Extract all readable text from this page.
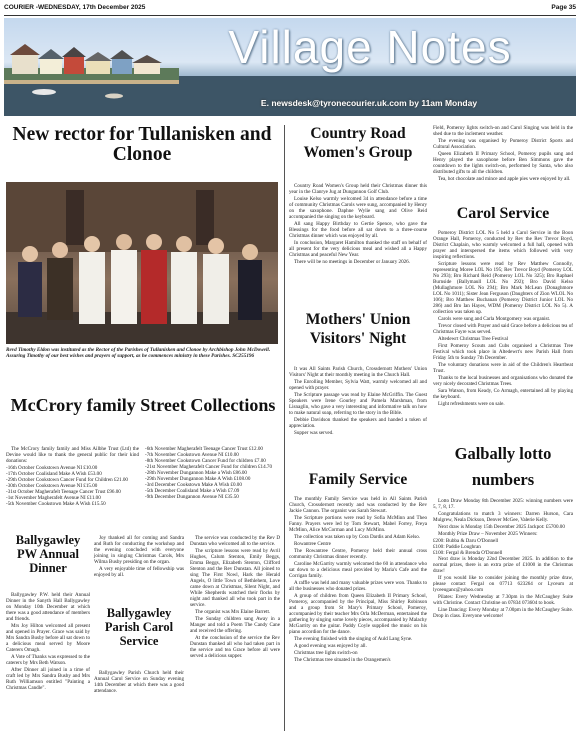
COURIER -WEDNESDAY, 17th December 2025	Page 35
Village Notes
E. newsdesk@tyronecourier.uk.com by 11am Monday
New rector for Tullanisken and Clonoe
Revd Timothy Eldon was instituted as the Rector of the Parishes of Tullanisken and Clonoe by Archbishop John McDowell. Assuring Timothy of our best wishes and prayers of support, as he commences ministry in these Parishes. SC255196
McCrory family Street Collections

The McCrory family family and Miss Ailbhe Trust (Ltd) the Devine would like to thank the general public for their kind donations:

-16th October Cookstown Avenue NI £10.00
-17th October Coalisland Make A Wish £53.00
-29th October Cookstown Cancer Fund for Children £21.00
-30th October Cookstown Avenue NI £15.00
-31st October Magherafelt Teenage Cancer Trust £96.00
-1st November Magherafelt Avenue NI £11.00
-5th November Cookstown Make A Wish £15.50
-6th November Magherafelt Teenage Cancer Trust £12.00
-7th November Cookstown Avenue NI £10.00
-8th November Cookstown Cancer Fund for children £7.00
-21st November Magherafelt Cancer Fund for children £14.70
-28th November Dungannon Make a Wish £86.00
-29th November Dungannon Make A Wish £108.00
-3rd December Cookstown Make A Wish £0.00
-5th December Coalisland Make a Wish £7.09
-9th December Dungannon Avenue NI £35.50
Ballygawley PW Annual Dinner

Ballygawley P.W. held their Annual Dinner in the Sanyth Hall Ballygawley on Monday 10th December at which there was a good attendance of members and friends.

Mrs Joy Hilton welcomed all present and opened in Prayer. Grace was said by Mrs Sandra Busby before all sat down to a delicious meal served by Moore Caterers Omagh.

A Vote of Thanks was expressed to the caterers by Mrs Beth Watson.

After Dinner all joined in a time of craft led by Mrs Sandra Busby and Mrs Ruth Williamson entitled "Painting a Christmas Candle".

Joy thanked all for coming and Sandra and Ruth for conducting the workshop and the evening concluded with everyone joining in singing Christmas Carols, Mrs Wilma Busby presiding on the organ.

A very enjoyable time of fellowship was enjoyed by all.

Ballygawley Parish Carol Service

Ballygawley Parish Church held their Annual Carol Service on Sunday evening 14th December at which there was a good attendance.

The service was conducted by the Rev D Dunstan who welcomed all to the service.

The scripture lessons were read by Avril Hughes, Calum Stenton, Emily Beggs, Emma Beggs, Elizabeth Stenton, Clifford Stenton and the Rev Dunstan. All joined to sing The First Nowl, Hark the Herald Angels, O little Town of Bethlehem, Love came down at Christmas, Silent Night, and While Shepherds watched their flocks by night and thanked all who took part in the service.

The organist was Mrs Elaine Barrett.

The Sunday children sang Away in a Manger and told a Poem The Candy Cane and received the offering.

At the conclusion of the service the Rev Dunstan thanked all who had taken part in the service and tea Grace before all were served a delicious supper.

Country Road Women's Group

Country Road Women's Group held their Christmas dinner this year in the Clanrye Jug at Dungannon Golf Club.

Louise Kelso warmly welcomed 34 in attendance before a time of community Christmas Carols were sung, accompanied by Henry on the saxophone. Daphne Wylie sang and Olive Reid accompanied the singing on the keyboard.

All sang Happy Birthday to Gertie Spence, who gave the Blessings for the food before all sat down to a three-course Christmas dinner which was enjoyed by all.

In conclusion, Margaret Hamilton thanked the staff on behalf of all present for the very delicious meal and wished all a Happy Christmas and peaceful New Year.

There will be no meetings in December or January 2026.

Mothers' Union Visitors' Night

It was All Saints Parish Church, Crossdernott Mothers' Union Visitors' Night at their monthly meeting in the Church Hall.

The Enrolling Member, Sylvia Watt, warmly welcomed all and opened with prayer.

The Scripture passage was read by Elaine McGriffin. The Guest Speakers were Irene Gourley and Pamela Marshman, from Lisnaglin, who gave a very interesting and informative talk on how to make natural soap, referring to the story in the Bible.

Debbie Davidson thanked the speakers and handed a token of appreciation.

Supper was served.

Family Service

The monthly Family Service was held in All Saints Parish Church, Crossdernott recently and was conducted by the Rev Jackie Cannon. The organist was Sarah Stewart.

The Scripture portions were read by Sofia McMinn and Theo Fanny. Prayers were led by Tom Stewart, Mabel Forrey, Freya McMinn, Alice McCorman and Lucy McMinn.

The collection was taken up by Cora Dardis and Adam Kelso.

Rowantree Centre

The Rowantree Centre, Pomeroy held their annual cross community Christmas dinner recently.

Caroline McGarrity warmly welcomed the 60 in attendance who sat down to a delicious meal provided by Maria's Cafe and the Corrigan family.

A raffle was held and many valuable prizes were won. Thanks to all the businesses who donated prizes.

A group of children from Queen Elizabeth II Primary School, Pomeroy, accompanied by the Principal, Miss Shirley Robinson and a group from St Mary's Primary School, Pomeroy, accompanied by their teacher Mrs Orla McDerman, entertained the gathering by singing some lovely pieces, accompanied by Malachy McGarrity on the guitar. Paddy Coyle supplied the music on his piano accordion for the dance.

The evening finished with the singing of Auld Lang Syne.

A good evening was enjoyed by all.

Christmas tree lights switch-on

The Christmas tree situated in the Orangemen's

Field, Pomeroy lights switch-on and Carol Singing was held in the shed due to the inclement weather.

The evening was organised by Pomeroy District Sports and Cultural Association.

Queen Elizabeth II Primary School, Pomeroy pupils sang and Henry played the saxophone before Ben Simmons gave the countdown to the lights switch-on, performed by Santa, who also distributed gifts to all the children.

Tea, hot chocolate and mince and apple pies were enjoyed by all.

Carol Service

Pomeroy District LOL No 5 held a Carol Service in the Boon Orange Hall, Pomeroy, conducted by Rev the Rev Trevor Boyd, District Chaplain, who warmly welcomed a full hall, opened with prayer and interspersed the items which followed with very inspiring reflections.

Scripture lessons were read by Rev Matthew Connolly, representing Moree LOL No 195; Rev Trevor Boyd (Pomeroy LOL No 293); Bro Richard Reid (Pomeroy LOL No 325); Bro Raphael Burnside (Ballymaull LOL No 292); Bro David Kelso (Mullaghmore LOL No 294); Bro Mark McLean (Donaghmore LOL No 1011); Sister Jean Ferguson (Daughters of Zion WLOL No 106); Bro Matthew Buchanan (Pomeroy District Junior LOL No 286) and Bro Ian Hayes, WDM (Pomeroy District LOL No 5). A collection was taken up.

Carols were sung and Carla Montgomery was organist.

Trevor closed with Prayer and said Grace before a delicious tea of Christmas Fayre was served.

Altedewrt Christmas Tree Festival

First Pomeroy Scouts and Cubs organised a Christmas Tree Festival which took place in Altedewrt's new Parish Hall from Friday 5th to Sunday 7th December.

The voluntary donations were in aid of the Children's Heartbeat Trust.

Thanks to the local businesses and organisations who donated the very nicely decorated Christmas Trees.

Sara Watson, from Keady, Co Armagh, entertained all by playing the keyboard.

Light refreshments were on sale.

Galbally lotto numbers

Lotto Draw Monday 8th December 2025: winning numbers were 5, 7, 8, 17.

Congratulations to match 3 winners: Darren Hurson, Cara Mulgrew, Neala Dickson, Denver McGee, Valerie Kelly.

Next draw is Monday 15th December 2025 Jackpot: £5700.00

Monthly Prize Draw – November 2025 Winners:

£200: Bubba & Daru O'Donnell
£100: Paddie Loughran
£100: Fergal & Brenda O'Donnell

Next draw is Monday 22nd December 2025. In addition to the normal prizes, there is an extra prize of £1000 in the Christmas draw!

If you would like to consider joining the monthly prize draw, please contact Fergal on 07713 623264 or Lyceum at lyceeuganc@yahoo.com

Pilates: Every Wednesday at 7.30pm in the McCaughey Suite with Christine. Contact Christine on 07834 073604 to book.

Line Dancing: Every Monday at 7.00pm in the McCaughey Suite. Drop in class. Everyone welcome!
